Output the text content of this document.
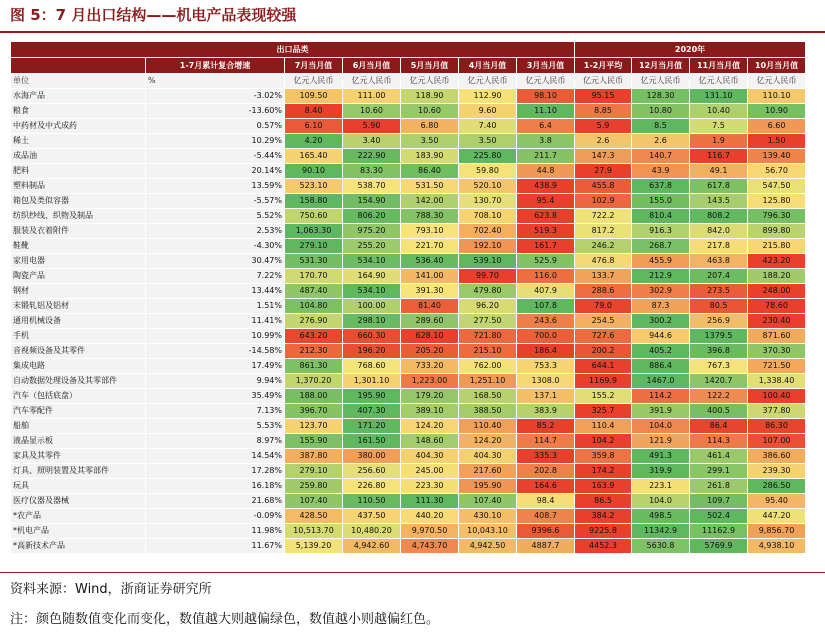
图 5：7 月出口结构——机电产品表现较强
出口品类							2020年			
	1-7月累计复合增速	7月当月值	6月当月值	5月当月值	4月当月值	3月当月值	1-2月平均	12月当月值	11月当月值	10月当月值
单位	%	亿元人民币	亿元人民币	亿元人民币	亿元人民币	亿元人民币	亿元人民币	亿元人民币	亿元人民币	亿元人民币
水海产品	-3.02%	109.50	111.00	118.90	112.90	98.10	95.15	128.30	131.10	110.10
粮食	-13.60%	8.40	10.60	10.60	9.60	11.10	8.85	10.80	10.40	10.90
中药材及中式成药	0.57%	6.10	5.90	6.80	7.40	6.4	5.9	8.5	7.5	6.60
稀土	10.29%	4.20	3.40	3.50	3.50	3.8	2.6	2.6	1.9	1.50
成品油	-5.44%	165.40	222.90	183.90	225.80	211.7	147.3	140.7	116.7	139.40
肥料	20.14%	90.10	83.30	86.40	59.80	44.8	27.9	43.9	49.1	56.70
塑料制品	13.59%	523.10	538.70	531.50	520.10	438.9	455.8	637.8	617.8	547.50
箱包及类似容器	-5.57%	158.80	154.90	142.00	130.70	95.4	102.9	155.0	143.5	125.80
纺织纱线、织物及制品	5.52%	750.60	806.20	788.30	708.10	623.8	722.2	810.4	808.2	796.30
服装及衣着附件	2.53%	1,063.30	975.20	793.10	702.40	519.3	817.2	916.3	842.0	899.80
鞋靴	-4.30%	279.10	255.20	221.70	192.10	161.7	246.2	268.7	217.8	215.80
家用电器	30.47%	531.30	534.10	536.40	539.10	525.9	476.8	455.9	463.8	423.20
陶瓷产品	7.22%	170.70	164.90	141.00	99.70	116.0	133.7	212.9	207.4	188.20
钢材	13.44%	487.40	534.10	391.30	479.80	407.9	288.6	302.9	273.5	248.00
未锻轧铝及铝材	1.51%	104.80	100.00	81.40	96.20	107.8	79.0	87.3	80.5	78.60
通用机械设备	11.41%	276.90	298.10	289.60	277.50	243.6	254.5	300.2	256.9	230.40
手机	10.99%	643.20	660.30	628.10	721.80	700.0	727.6	944.6	1379.5	871.60
音视频设备及其零件	-14.58%	212.30	196.20	205.20	215.10	186.4	200.2	405.2	396.8	370.30
集成电路	17.49%	861.30	768.60	733.20	762.00	753.3	644.1	886.4	767.3	721.50
自动数据处理设备及其零部件	9.94%	1,370.20	1,301.10	1,223.00	1,251.10	1308.0	1169.9	1467.0	1420.7	1,338.40
汽车（包括底盘）	35.49%	188.00	195.90	179.20	168.50	137.1	155.2	114.2	122.2	100.40
汽车零配件	7.13%	396.70	407.30	389.10	388.50	383.9	325.7	391.9	400.5	377.80
船舶	5.53%	123.70	171.20	124.20	110.40	85.2	110.4	104.0	86.4	86.30
液晶显示板	8.97%	155.90	161.50	148.60	124.20	114.7	104.2	121.9	114.3	107.00
家具及其零件	14.54%	387.80	380.00	404.30	404.30	335.3	359.8	491.3	461.4	386.60
灯具、照明装置及其零部件	17.28%	279.10	256.60	245.00	217.60	202.8	174.2	319.9	299.1	239.30
玩具	16.18%	259.80	226.80	223.30	195.90	164.6	163.9	223.1	261.8	286.50
医疗仪器及器械	21.68%	107.40	110.50	111.30	107.40	98.4	86.5	104.0	109.7	95.40
*农产品	-0.09%	428.50	437.50	440.20	430.10	408.7	384.2	498.5	502.4	447.20
*机电产品	11.98%	10,513.70	10,480.20	9,970.50	10,043.10	9396.6	9225.8	11342.9	11162.9	9,856.70
*高新技术产品	11.67%	5,139.20	4,942.60	4,743.70	4,942.50	4887.7	4452.3	5630.8	5769.9	4,938.10
资料来源：Wind，浙商证券研究所
注：颜色随数值变化而变化，数值越大则越偏绿色，数值越小则越偏红色。
